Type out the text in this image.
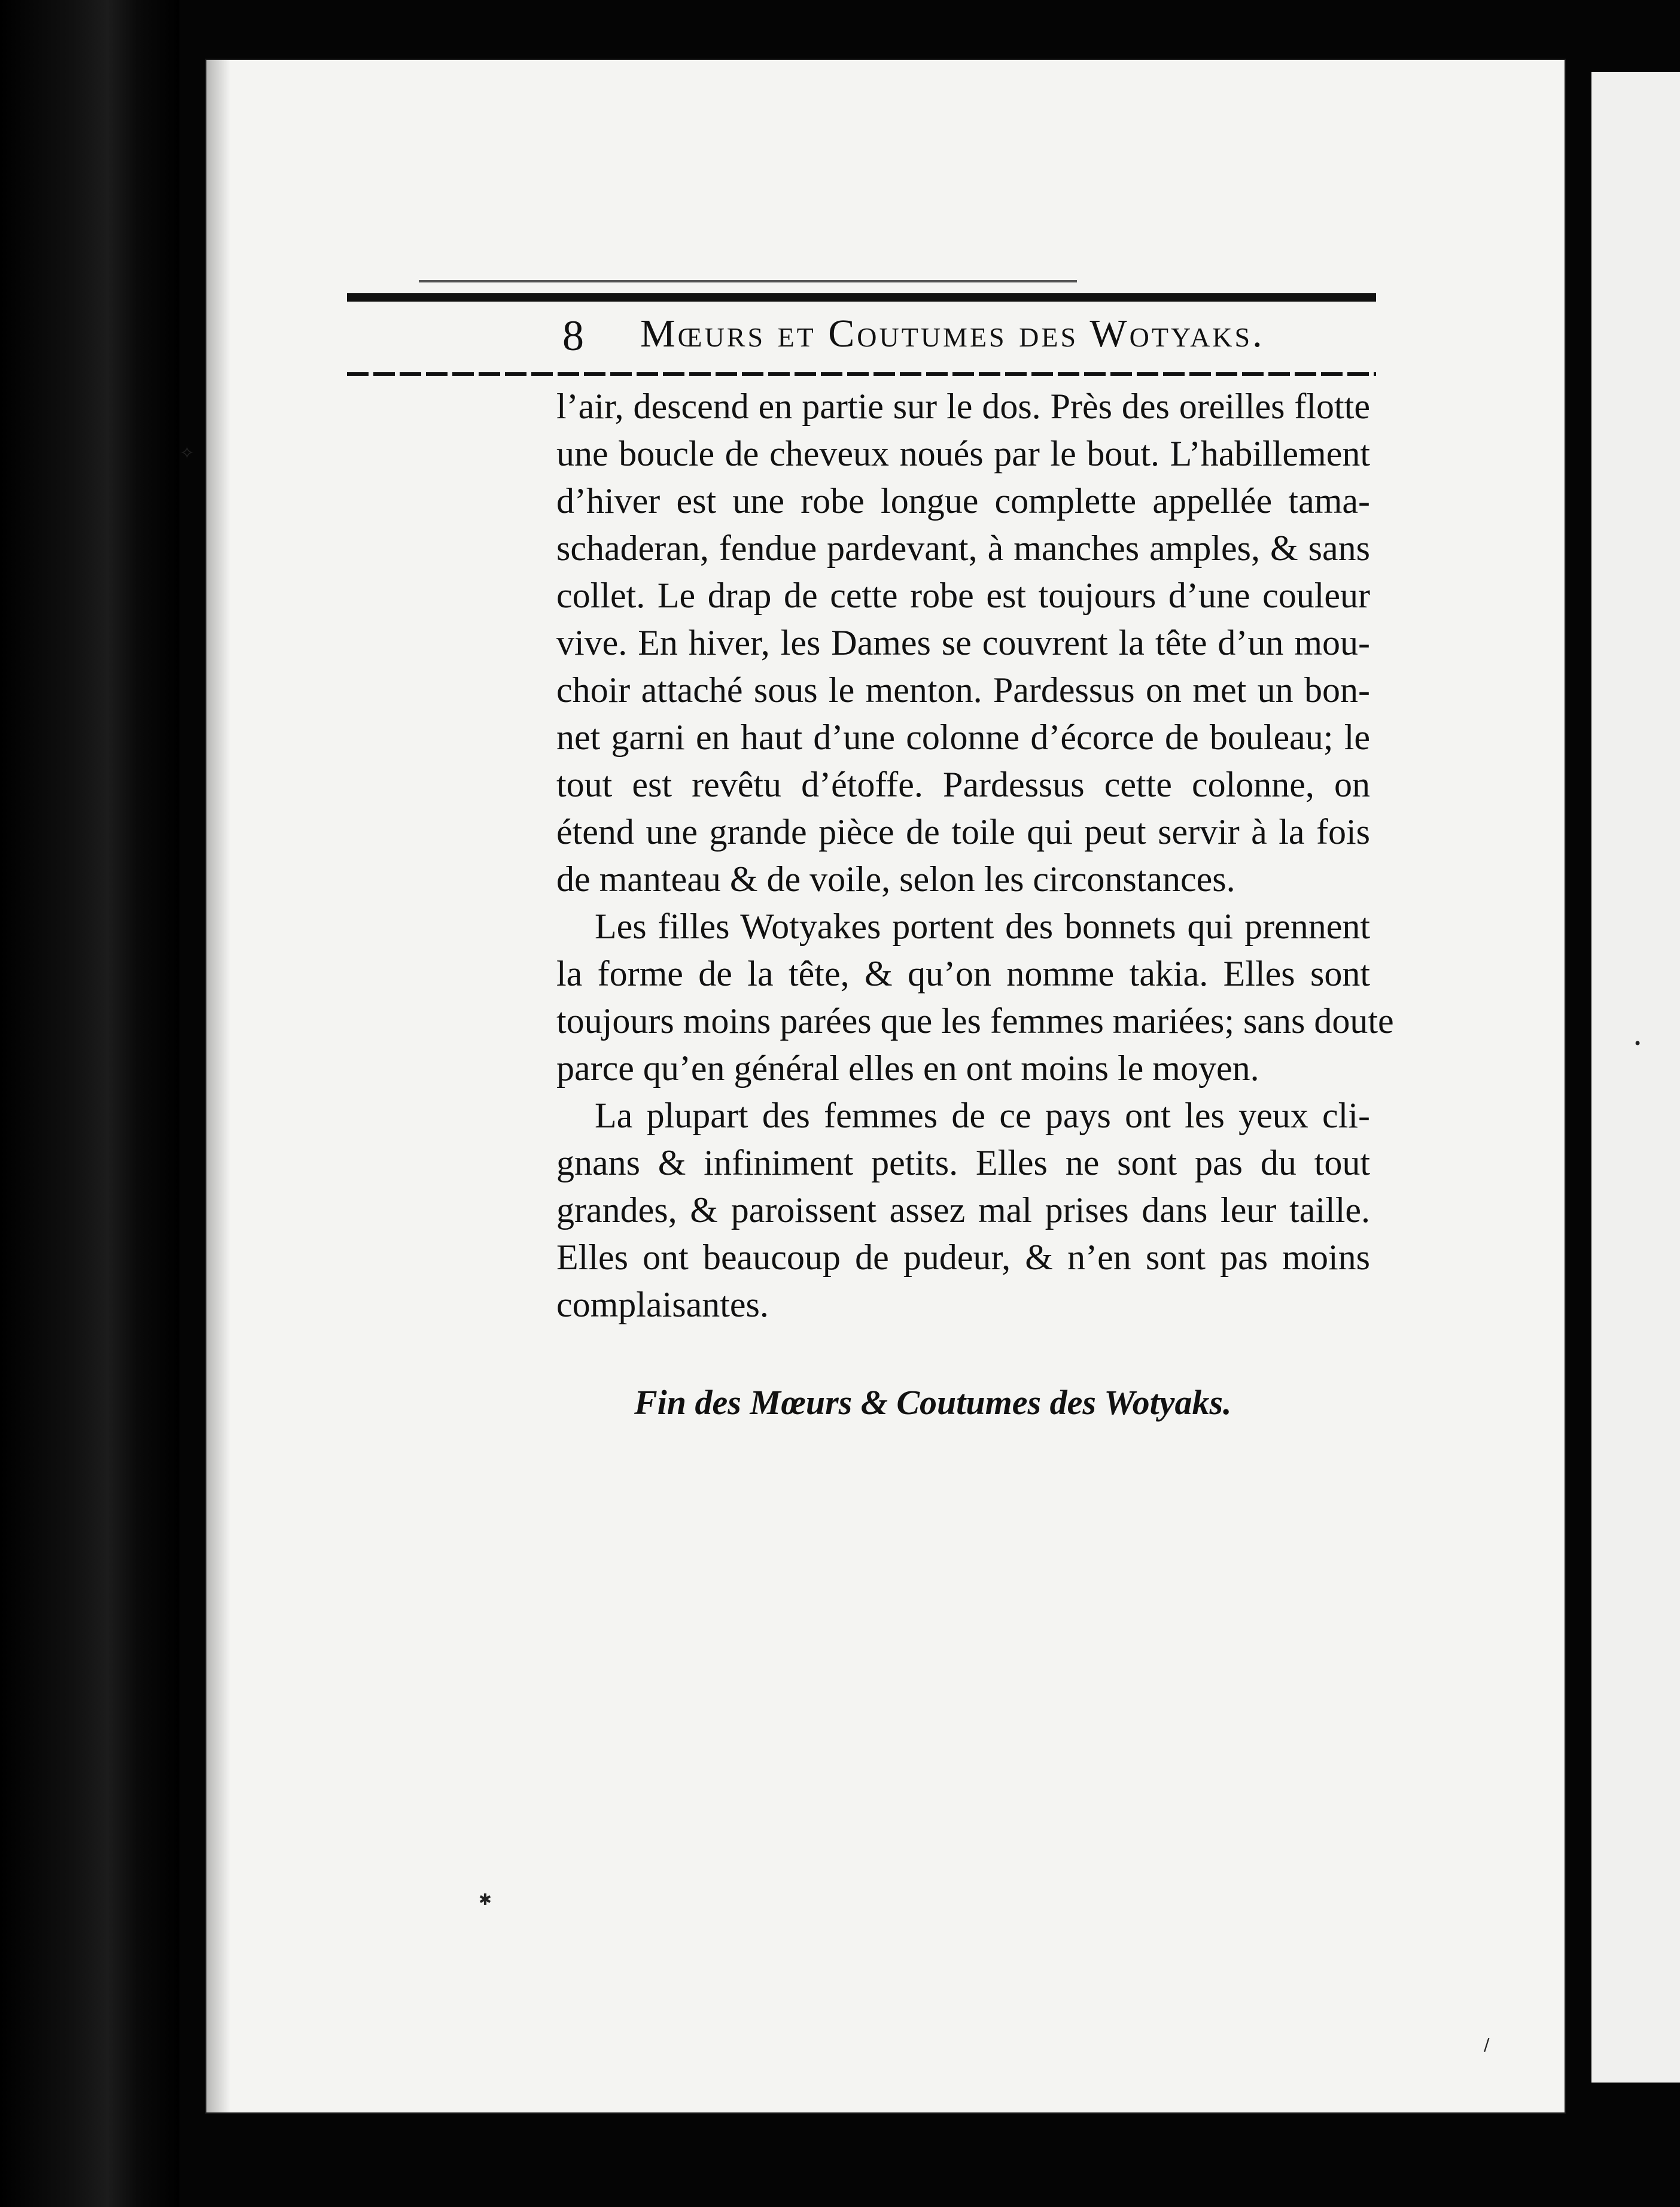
8 Mœurs et Coutumes des Wotyaks.
l’air, descend en partie sur le dos. Près des oreilles flotte
une boucle de cheveux noués par le bout. L’habillement
d’hiver est une robe longue complette appellée tama-
schaderan, fendue pardevant, à manches amples, & sans
collet. Le drap de cette robe est toujours d’une couleur
vive. En hiver, les Dames se couvrent la tête d’un mou-
choir attaché sous le menton. Pardessus on met un bon-
net garni en haut d’une colonne d’écorce de bouleau; le
tout est revêtu d’étoffe. Pardessus cette colonne, on
étend une grande pièce de toile qui peut servir à la fois
de manteau & de voile, selon les circonstances.
Les filles Wotyakes portent des bonnets qui prennent
la forme de la tête, & qu’on nomme takia. Elles sont
toujours moins parées que les femmes mariées; sans doute
parce qu’en général elles en ont moins le moyen.
La plupart des femmes de ce pays ont les yeux cli-
gnans & infiniment petits. Elles ne sont pas du tout
grandes, & paroissent assez mal prises dans leur taille.
Elles ont beaucoup de pudeur, & n’en sont pas moins
complaisantes.
Fin des Mœurs & Coutumes des Wotyaks.
✧
•
✱
/
